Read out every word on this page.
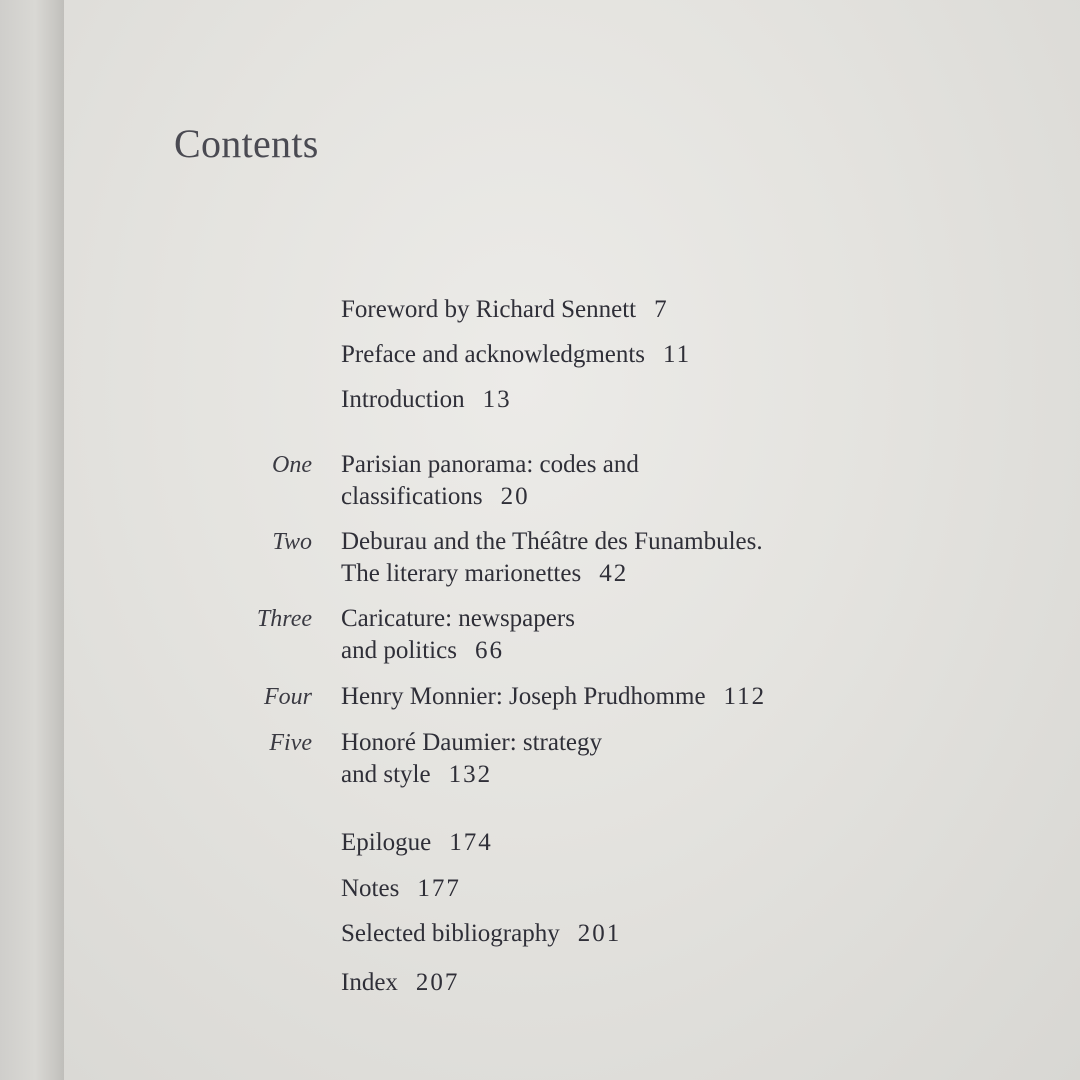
Contents
Foreword by Richard Sennett 7
Preface and acknowledgments 11
Introduction 13
One Parisian panorama: codes and
classifications 20
Two Deburau and the Théâtre des Funambules.
The literary marionettes 42
Three Caricature: newspapers
and politics 66
Four Henry Monnier: Joseph Prudhomme 112
Five Honoré Daumier: strategy
and style 132
Epilogue 174
Notes 177
Selected bibliography 201
Index 207
